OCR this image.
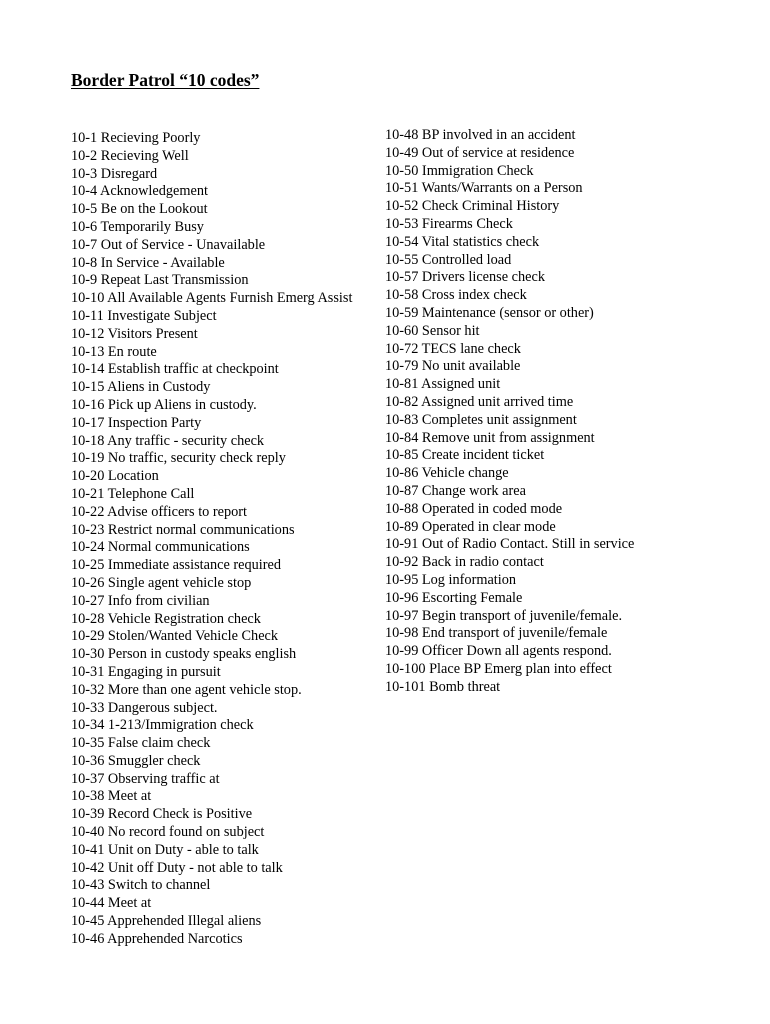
Border Patrol “10 codes”
10-1 Recieving Poorly
10-2 Recieving Well
10-3 Disregard
10-4 Acknowledgement
10-5 Be on the Lookout
10-6 Temporarily Busy
10-7 Out of Service - Unavailable
10-8 In Service - Available
10-9 Repeat Last Transmission
10-10 All Available Agents Furnish Emerg Assist
10-11 Investigate Subject
10-12 Visitors Present
10-13 En route
10-14 Establish traffic at checkpoint
10-15 Aliens in Custody
10-16 Pick up Aliens in custody.
10-17 Inspection Party
10-18 Any traffic - security check
10-19 No traffic, security check reply
10-20 Location
10-21 Telephone Call
10-22 Advise officers to report
10-23 Restrict normal communications
10-24 Normal communications
10-25 Immediate assistance required
10-26 Single agent vehicle stop
10-27 Info from civilian
10-28 Vehicle Registration check
10-29 Stolen/Wanted Vehicle Check
10-30 Person in custody speaks english
10-31 Engaging in pursuit
10-32 More than one agent vehicle stop.
10-33 Dangerous subject.
10-34 1-213/Immigration check
10-35 False claim check
10-36 Smuggler check
10-37 Observing traffic at
10-38 Meet at
10-39 Record Check is Positive
10-40 No record found on subject
10-41 Unit on Duty - able to talk
10-42 Unit off Duty - not able to talk
10-43 Switch to channel
10-44 Meet at
10-45 Apprehended Illegal aliens
10-46 Apprehended Narcotics
10-48 BP involved in an accident
10-49 Out of service at residence
10-50 Immigration Check
10-51 Wants/Warrants on a Person
10-52 Check Criminal History
10-53 Firearms Check
10-54 Vital statistics check
10-55 Controlled load
10-57 Drivers license check
10-58 Cross index check
10-59 Maintenance (sensor or other)
10-60 Sensor hit
10-72 TECS lane check
10-79 No unit available
10-81 Assigned unit
10-82 Assigned unit arrived time
10-83 Completes unit assignment
10-84 Remove unit from assignment
10-85 Create incident ticket
10-86 Vehicle change
10-87 Change work area
10-88 Operated in coded mode
10-89 Operated in clear mode
10-91 Out of Radio Contact. Still in service
10-92 Back in radio contact
10-95 Log information
10-96 Escorting Female
10-97 Begin transport of juvenile/female.
10-98 End transport of juvenile/female
10-99 Officer Down all agents respond.
10-100 Place BP Emerg plan into effect
10-101 Bomb threat
